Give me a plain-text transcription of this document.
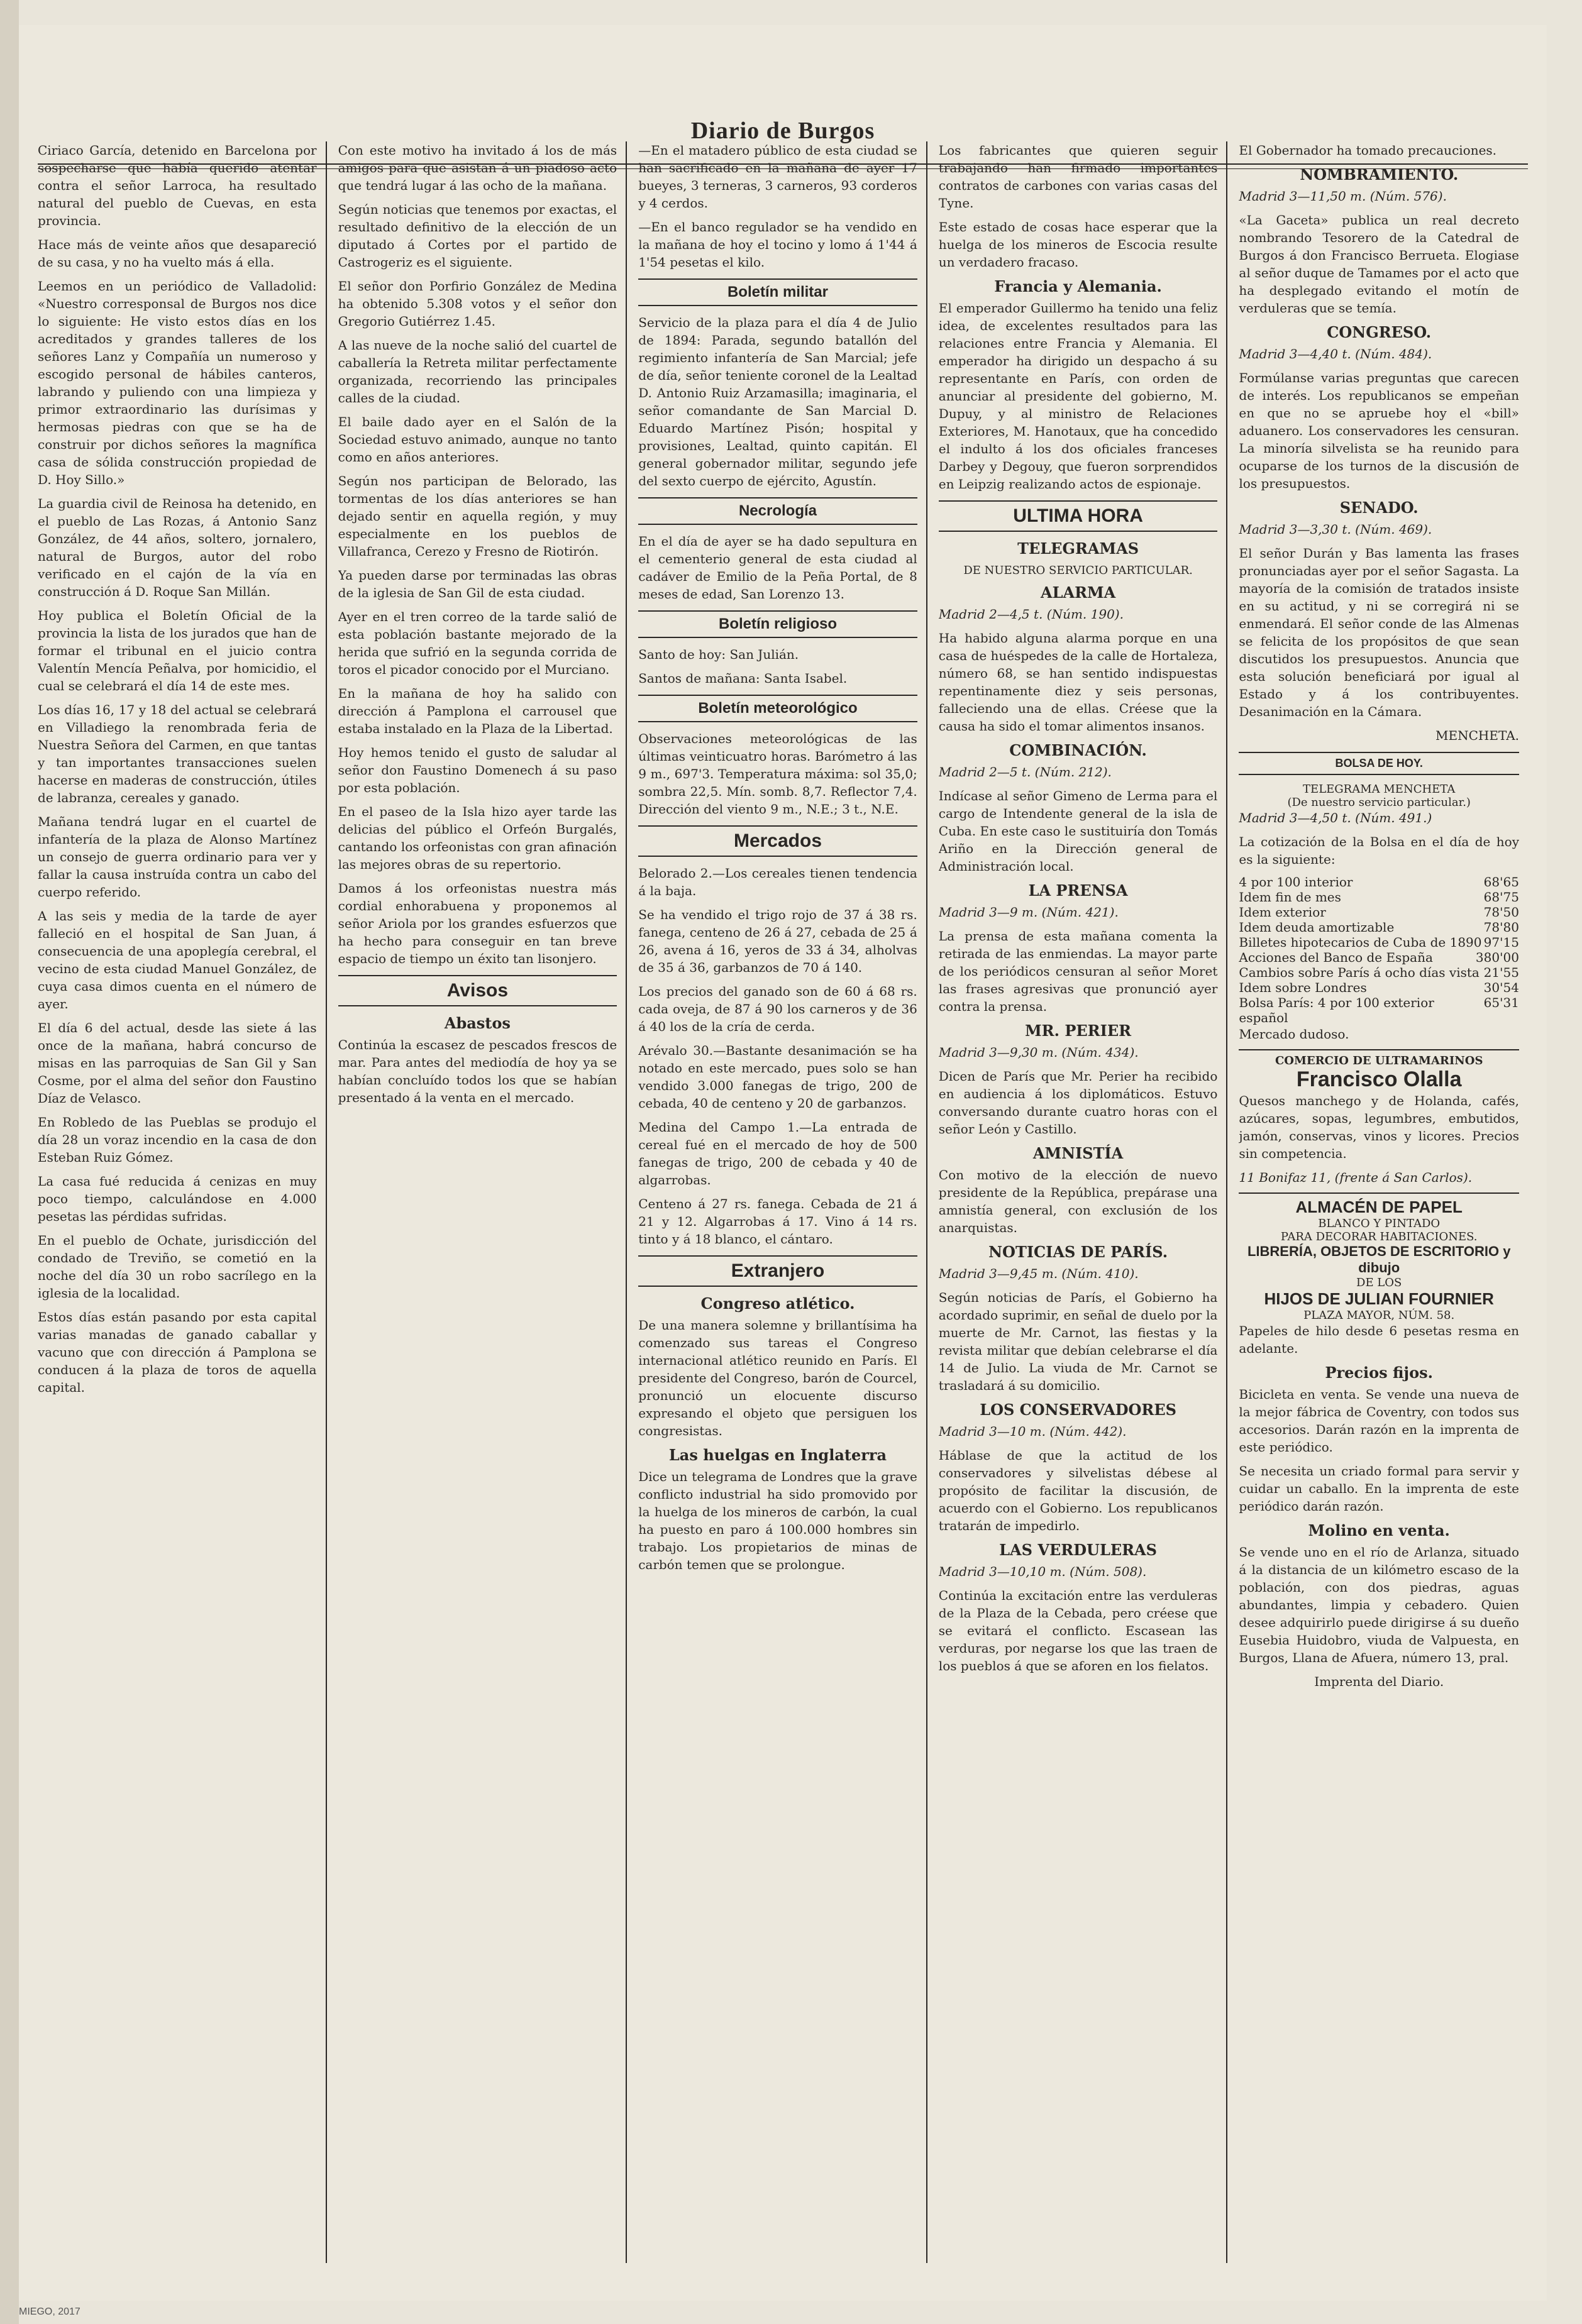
Diario de Burgos

Ciriaco García, detenido en Barcelona por sospecharse que había querido atentar contra el señor Larroca, ha resultado natural del pueblo de Cuevas, en esta provincia.

Hace más de veinte años que desapareció de su casa, y no ha vuelto más á ella.

Leemos en un periódico de Valladolid: «Nuestro corresponsal de Burgos nos dice lo siguiente: He visto estos días en los acreditados y grandes talleres de los señores Lanz y Compañía un numeroso y escogido personal de hábiles canteros, labrando y puliendo con una limpieza y primor extraordinario las durísimas y hermosas piedras con que se ha de construir por dichos señores la magnífica casa de sólida construcción propiedad de D. Hoy Sillo.»

La guardia civil de Reinosa ha detenido, en el pueblo de Las Rozas, á Antonio Sanz González, de 44 años, soltero, jornalero, natural de Burgos, autor del robo verificado en el cajón de la vía en construcción á D. Roque San Millán.

Hoy publica el Boletín Oficial de la provincia la lista de los jurados que han de formar el tribunal en el juicio contra Valentín Mencía Peñalva, por homicidio, el cual se celebrará el día 14 de este mes.

Los días 16, 17 y 18 del actual se celebrará en Villadiego la renombrada feria de Nuestra Señora del Carmen, en que tantas y tan importantes transacciones suelen hacerse en maderas de construcción, útiles de labranza, cereales y ganado.

Mañana tendrá lugar en el cuartel de infantería de la plaza de Alonso Martínez un consejo de guerra ordinario para ver y fallar la causa instruída contra un cabo del cuerpo referido.

A las seis y media de la tarde de ayer falleció en el hospital de San Juan, á consecuencia de una apoplegía cerebral, el vecino de esta ciudad Manuel González, de cuya casa dimos cuenta en el número de ayer.

El día 6 del actual, desde las siete á las once de la mañana, habrá concurso de misas en las parroquias de San Gil y San Cosme, por el alma del señor don Faustino Díaz de Velasco.

En Robledo de las Pueblas se produjo el día 28 un voraz incendio en la casa de don Esteban Ruiz Gómez.

La casa fué reducida á cenizas en muy poco tiempo, calculándose en 4.000 pesetas las pérdidas sufridas.

En el pueblo de Ochate, jurisdicción del condado de Treviño, se cometió en la noche del día 30 un robo sacrílego en la iglesia de la localidad.

Estos días están pasando por esta capital varias manadas de ganado caballar y vacuno que con dirección á Pamplona se conducen á la plaza de toros de aquella capital.

Con este motivo ha invitado á los de más amigos para que asistan á un piadoso acto que tendrá lugar á las ocho de la mañana.

Según noticias que tenemos por exactas, el resultado definitivo de la elección de un diputado á Cortes por el partido de Castrogeriz es el siguiente.

El señor don Porfirio González de Medina ha obtenido 5.308 votos y el señor don Gregorio Gutiérrez 1.45.

A las nueve de la noche salió del cuartel de caballería la Retreta militar perfectamente organizada, recorriendo las principales calles de la ciudad.

El baile dado ayer en el Salón de la Sociedad estuvo animado, aunque no tanto como en años anteriores.

Según nos participan de Belorado, las tormentas de los días anteriores se han dejado sentir en aquella región, y muy especialmente en los pueblos de Villafranca, Cerezo y Fresno de Riotirón.

Ya pueden darse por terminadas las obras de la iglesia de San Gil de esta ciudad.

Ayer en el tren correo de la tarde salió de esta población bastante mejorado de la herida que sufrió en la segunda corrida de toros el picador conocido por el Murciano.

En la mañana de hoy ha salido con dirección á Pamplona el carrousel que estaba instalado en la Plaza de la Libertad.

Hoy hemos tenido el gusto de saludar al señor don Faustino Domenech á su paso por esta población.

En el paseo de la Isla hizo ayer tarde las delicias del público el Orfeón Burgalés, cantando los orfeonistas con gran afinación las mejores obras de su repertorio.

Damos á los orfeonistas nuestra más cordial enhorabuena y proponemos al señor Ariola por los grandes esfuerzos que ha hecho para conseguir en tan breve espacio de tiempo un éxito tan lisonjero.

Avisos
Abastos

Continúa la escasez de pescados frescos de mar. Para antes del mediodía de hoy ya se habían concluído todos los que se habían presentado á la venta en el mercado.

—En el matadero público de esta ciudad se han sacrificado en la mañana de ayer 17 bueyes, 3 terneras, 3 carneros, 93 corderos y 4 cerdos.

—En el banco regulador se ha vendido en la mañana de hoy el tocino y lomo á 1'44 á 1'54 pesetas el kilo.

Boletín militar

Servicio de la plaza para el día 4 de Julio de 1894: Parada, segundo batallón del regimiento infantería de San Marcial; jefe de día, señor teniente coronel de la Lealtad D. Antonio Ruiz Arzamasilla; imaginaria, el señor comandante de San Marcial D. Eduardo Martínez Pisón; hospital y provisiones, Lealtad, quinto capitán. El general gobernador militar, segundo jefe del sexto cuerpo de ejército, Agustín.

Necrología

En el día de ayer se ha dado sepultura en el cementerio general de esta ciudad al cadáver de Emilio de la Peña Portal, de 8 meses de edad, San Lorenzo 13.

Boletín religioso

Santo de hoy: San Julián.

Santos de mañana: Santa Isabel.

Boletín meteorológico

Observaciones meteorológicas de las últimas veinticuatro horas. Barómetro á las 9 m., 697'3. Temperatura máxima: sol 35,0; sombra 22,5. Mín. somb. 8,7. Reflector 7,4. Dirección del viento 9 m., N.E.; 3 t., N.E.

Mercados

Belorado 2.—Los cereales tienen tendencia á la baja.

Se ha vendido el trigo rojo de 37 á 38 rs. fanega, centeno de 26 á 27, cebada de 25 á 26, avena á 16, yeros de 33 á 34, alholvas de 35 á 36, garbanzos de 70 á 140.

Los precios del ganado son de 60 á 68 rs. cada oveja, de 87 á 90 los carneros y de 36 á 40 los de la cría de cerda.

Arévalo 30.—Bastante desanimación se ha notado en este mercado, pues solo se han vendido 3.000 fanegas de trigo, 200 de cebada, 40 de centeno y 20 de garbanzos.

Medina del Campo 1.—La entrada de cereal fué en el mercado de hoy de 500 fanegas de trigo, 200 de cebada y 40 de algarrobas.

Centeno á 27 rs. fanega. Cebada de 21 á 21 y 12. Algarrobas á 17. Vino á 14 rs. tinto y á 18 blanco, el cántaro.

Extranjero
Congreso atlético.

De una manera solemne y brillantísima ha comenzado sus tareas el Congreso internacional atlético reunido en París. El presidente del Congreso, barón de Courcel, pronunció un elocuente discurso expresando el objeto que persiguen los congresistas.

Las huelgas en Inglaterra

Dice un telegrama de Londres que la grave conflicto industrial ha sido promovido por la huelga de los mineros de carbón, la cual ha puesto en paro á 100.000 hombres sin trabajo. Los propietarios de minas de carbón temen que se prolongue.

Los fabricantes que quieren seguir trabajando han firmado importantes contratos de carbones con varias casas del Tyne.

Este estado de cosas hace esperar que la huelga de los mineros de Escocia resulte un verdadero fracaso.

Francia y Alemania.

El emperador Guillermo ha tenido una feliz idea, de excelentes resultados para las relaciones entre Francia y Alemania. El emperador ha dirigido un despacho á su representante en París, con orden de anunciar al presidente del gobierno, M. Dupuy, y al ministro de Relaciones Exteriores, M. Hanotaux, que ha concedido el indulto á los dos oficiales franceses Darbey y Degouy, que fueron sorprendidos en Leipzig realizando actos de espionaje.

ULTIMA HORA
TELEGRAMAS
DE NUESTRO SERVICIO PARTICULAR.
ALARMA

Madrid 2—4,5 t. (Núm. 190).

Ha habido alguna alarma porque en una casa de huéspedes de la calle de Hortaleza, número 68, se han sentido indispuestas repentinamente diez y seis personas, falleciendo una de ellas. Créese que la causa ha sido el tomar alimentos insanos.

COMBINACIÓN.

Madrid 2—5 t. (Núm. 212).

Indícase al señor Gimeno de Lerma para el cargo de Intendente general de la isla de Cuba. En este caso le sustituiría don Tomás Ariño en la Dirección general de Administración local.

LA PRENSA

Madrid 3—9 m. (Núm. 421).

La prensa de esta mañana comenta la retirada de las enmiendas. La mayor parte de los periódicos censuran al señor Moret las frases agresivas que pronunció ayer contra la prensa.

MR. PERIER

Madrid 3—9,30 m. (Núm. 434).

Dicen de París que Mr. Perier ha recibido en audiencia á los diplomáticos. Estuvo conversando durante cuatro horas con el señor León y Castillo.

AMNISTÍA

Con motivo de la elección de nuevo presidente de la República, prepárase una amnistía general, con exclusión de los anarquistas.

NOTICIAS DE PARÍS.

Madrid 3—9,45 m. (Núm. 410).

Según noticias de París, el Gobierno ha acordado suprimir, en señal de duelo por la muerte de Mr. Carnot, las fiestas y la revista militar que debían celebrarse el día 14 de Julio. La viuda de Mr. Carnot se trasladará á su domicilio.

LOS CONSERVADORES

Madrid 3—10 m. (Núm. 442).

Háblase de que la actitud de los conservadores y silvelistas débese al propósito de facilitar la discusión, de acuerdo con el Gobierno. Los republicanos tratarán de impedirlo.

LAS VERDULERAS

Madrid 3—10,10 m. (Núm. 508).

Continúa la excitación entre las verduleras de la Plaza de la Cebada, pero créese que se evitará el conflicto. Escasean las verduras, por negarse los que las traen de los pueblos á que se aforen en los fielatos.

El Gobernador ha tomado precauciones.

NOMBRAMIENTO.

Madrid 3—11,50 m. (Núm. 576).

«La Gaceta» publica un real decreto nombrando Tesorero de la Catedral de Burgos á don Francisco Berrueta. Elogiase al señor duque de Tamames por el acto que ha desplegado evitando el motín de verduleras que se temía.

CONGRESO.

Madrid 3—4,40 t. (Núm. 484).

Formúlanse varias preguntas que carecen de interés. Los republicanos se empeñan en que no se apruebe hoy el «bill» aduanero. Los conservadores les censuran. La minoría silvelista se ha reunido para ocuparse de los turnos de la discusión de los presupuestos.

SENADO.

Madrid 3—3,30 t. (Núm. 469).

El señor Durán y Bas lamenta las frases pronunciadas ayer por el señor Sagasta. La mayoría de la comisión de tratados insiste en su actitud, y ni se corregirá ni se enmendará. El señor conde de las Almenas se felicita de los propósitos de que sean discutidos los presupuestos. Anuncia que esta solución beneficiará por igual al Estado y á los contribuyentes. Desanimación en la Cámara.

MENCHETA.

BOLSA DE HOY.
TELEGRAMA MENCHETA
(De nuestro servicio particular.)

Madrid 3—4,50 t. (Núm. 491.)

La cotización de la Bolsa en el día de hoy es la siguiente:

4 por 100 interior	68'65
Idem fin de mes	68'75
Idem exterior	78'50
Idem deuda amortizable	78'80
Billetes hipotecarios de Cuba de 1890 97'15
Acciones del Banco de España	380'00
Cambios sobre París á ocho días vista 21'55
Idem sobre Londres	30'54
Bolsa París: 4 por 100 exterior español
65'31

Mercado dudoso.

COMERCIO DE ULTRAMARINOS
Francisco Olalla

Quesos manchego y de Holanda, cafés, azúcares, sopas, legumbres, embutidos, jamón, conservas, vinos y licores. Precios sin competencia.

11 Bonifaz 11, (frente á San Carlos).

ALMACÉN DE PAPEL
BLANCO Y PINTADO
PARA DECORAR HABITACIONES.
LIBRERÍA, OBJETOS DE ESCRITORIO y dibujo
DE LOS
HIJOS DE JULIAN FOURNIER
PLAZA MAYOR, NÚM. 58.

Papeles de hilo desde 6 pesetas resma en adelante.

Precios fijos.

Bicicleta en venta. Se vende una nueva de la mejor fábrica de Coventry, con todos sus accesorios. Darán razón en la imprenta de este periódico.

Se necesita un criado formal para servir y cuidar un caballo. En la imprenta de este periódico darán razón.

Molino en venta.

Se vende uno en el río de Arlanza, situado á la distancia de un kilómetro escaso de la población, con dos piedras, aguas abundantes, limpia y cebadero. Quien desee adquirirlo puede dirigirse á su dueño Eusebia Huidobro, viuda de Valpuesta, en Burgos, Llana de Afuera, número 13, pral.

Imprenta del Diario.

MIEGO, 2017
